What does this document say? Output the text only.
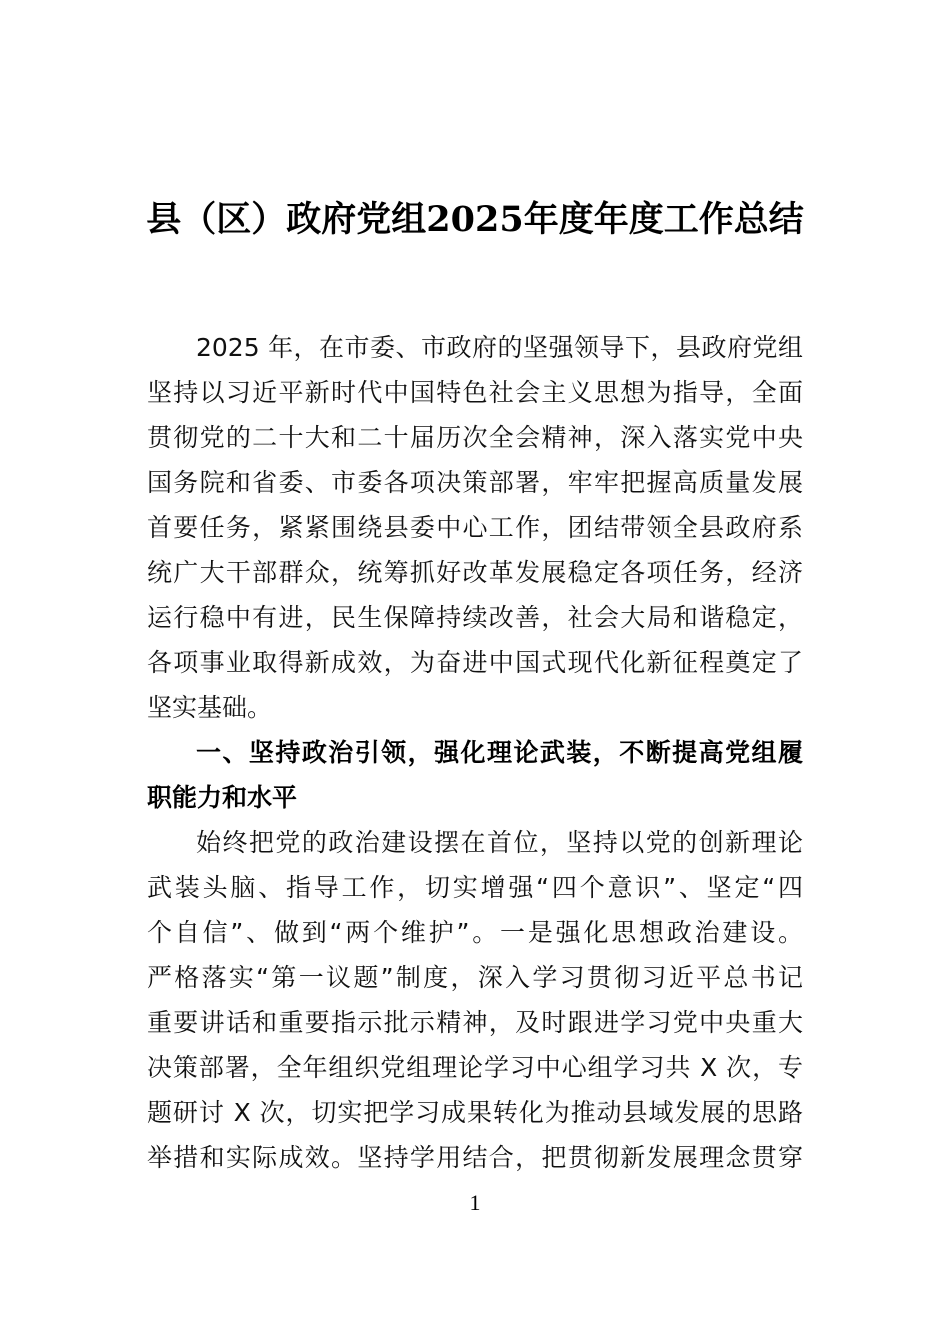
县（区）政府党组2025年度年度工作总结
2025 年，在市委、市政府的坚强领导下，县政府党组
坚持以习近平新时代中国特色社会主义思想为指导，全面
贯彻党的二十大和二十届历次全会精神，深入落实党中央
国务院和省委、市委各项决策部署，牢牢把握高质量发展
首要任务，紧紧围绕县委中心工作，团结带领全县政府系
统广大干部群众，统筹抓好改革发展稳定各项任务，经济
运行稳中有进，民生保障持续改善，社会大局和谐稳定，
各项事业取得新成效，为奋进中国式现代化新征程奠定了
坚实基础。
一、坚持政治引领，强化理论武装，不断提高党组履
职能力和水平
始终把党的政治建设摆在首位，坚持以党的创新理论
武装头脑、指导工作，切实增强“四个意识”、坚定“四
个自信”、做到“两个维护”。一是强化思想政治建设。
严格落实“第一议题”制度，深入学习贯彻习近平总书记
重要讲话和重要指示批示精神，及时跟进学习党中央重大
决策部署，全年组织党组理论学习中心组学习共 X 次，专
题研讨 X 次，切实把学习成果转化为推动县域发展的思路
举措和实际成效。坚持学用结合，把贯彻新发展理念贯穿
1
